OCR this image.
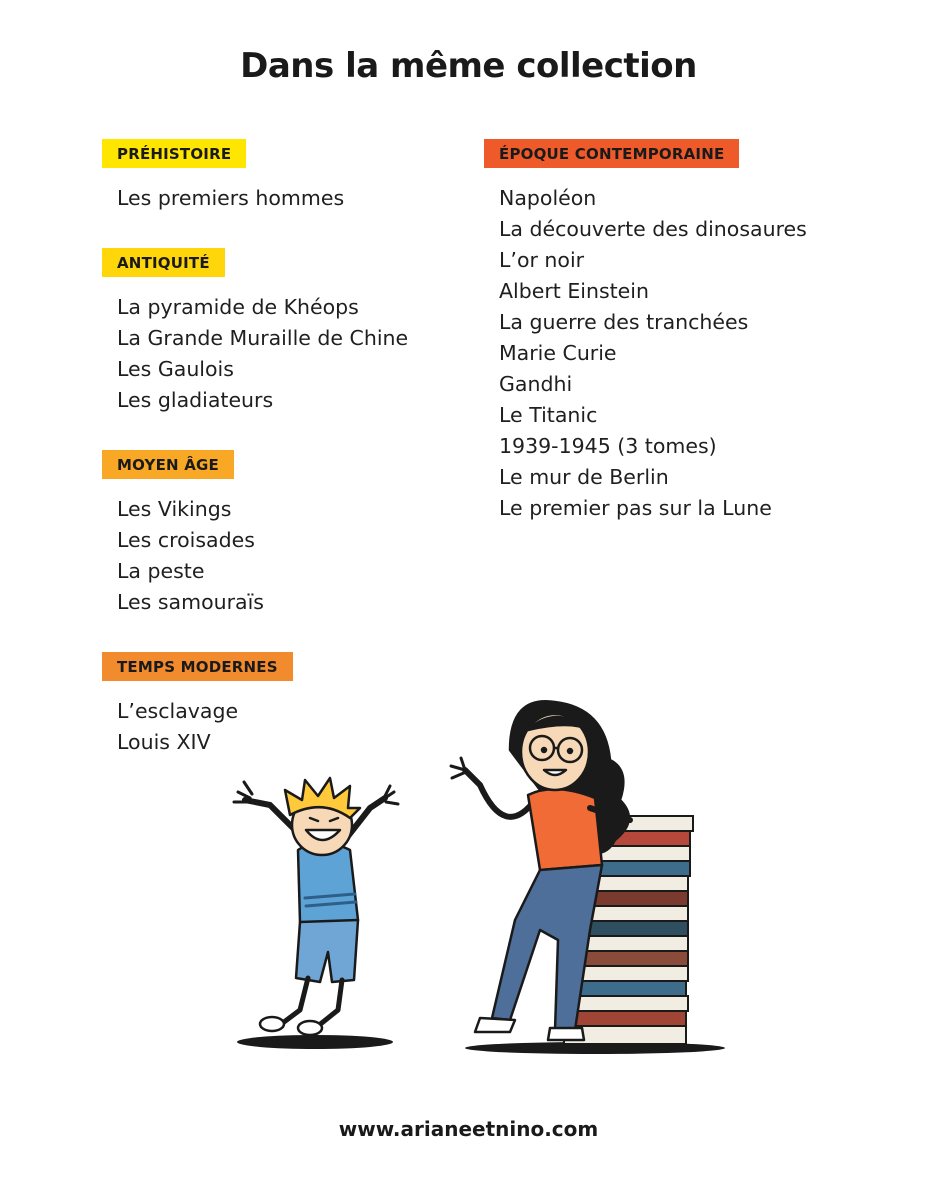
Dans la même collection
PRÉHISTOIRE
Les premiers hommes
ANTIQUITÉ
La pyramide de Khéops
La Grande Muraille de Chine
Les Gaulois
Les gladiateurs
MOYEN ÂGE
Les Vikings
Les croisades
La peste
Les samouraïs
TEMPS MODERNES
L’esclavage
Louis XIV
ÉPOQUE CONTEMPORAINE
Napoléon
La découverte des dinosaures
L’or noir
Albert Einstein
La guerre des tranchées
Marie Curie
Gandhi
Le Titanic
1939-1945 (3 tomes)
Le mur de Berlin
Le premier pas sur la Lune
www.arianeetnino.com
